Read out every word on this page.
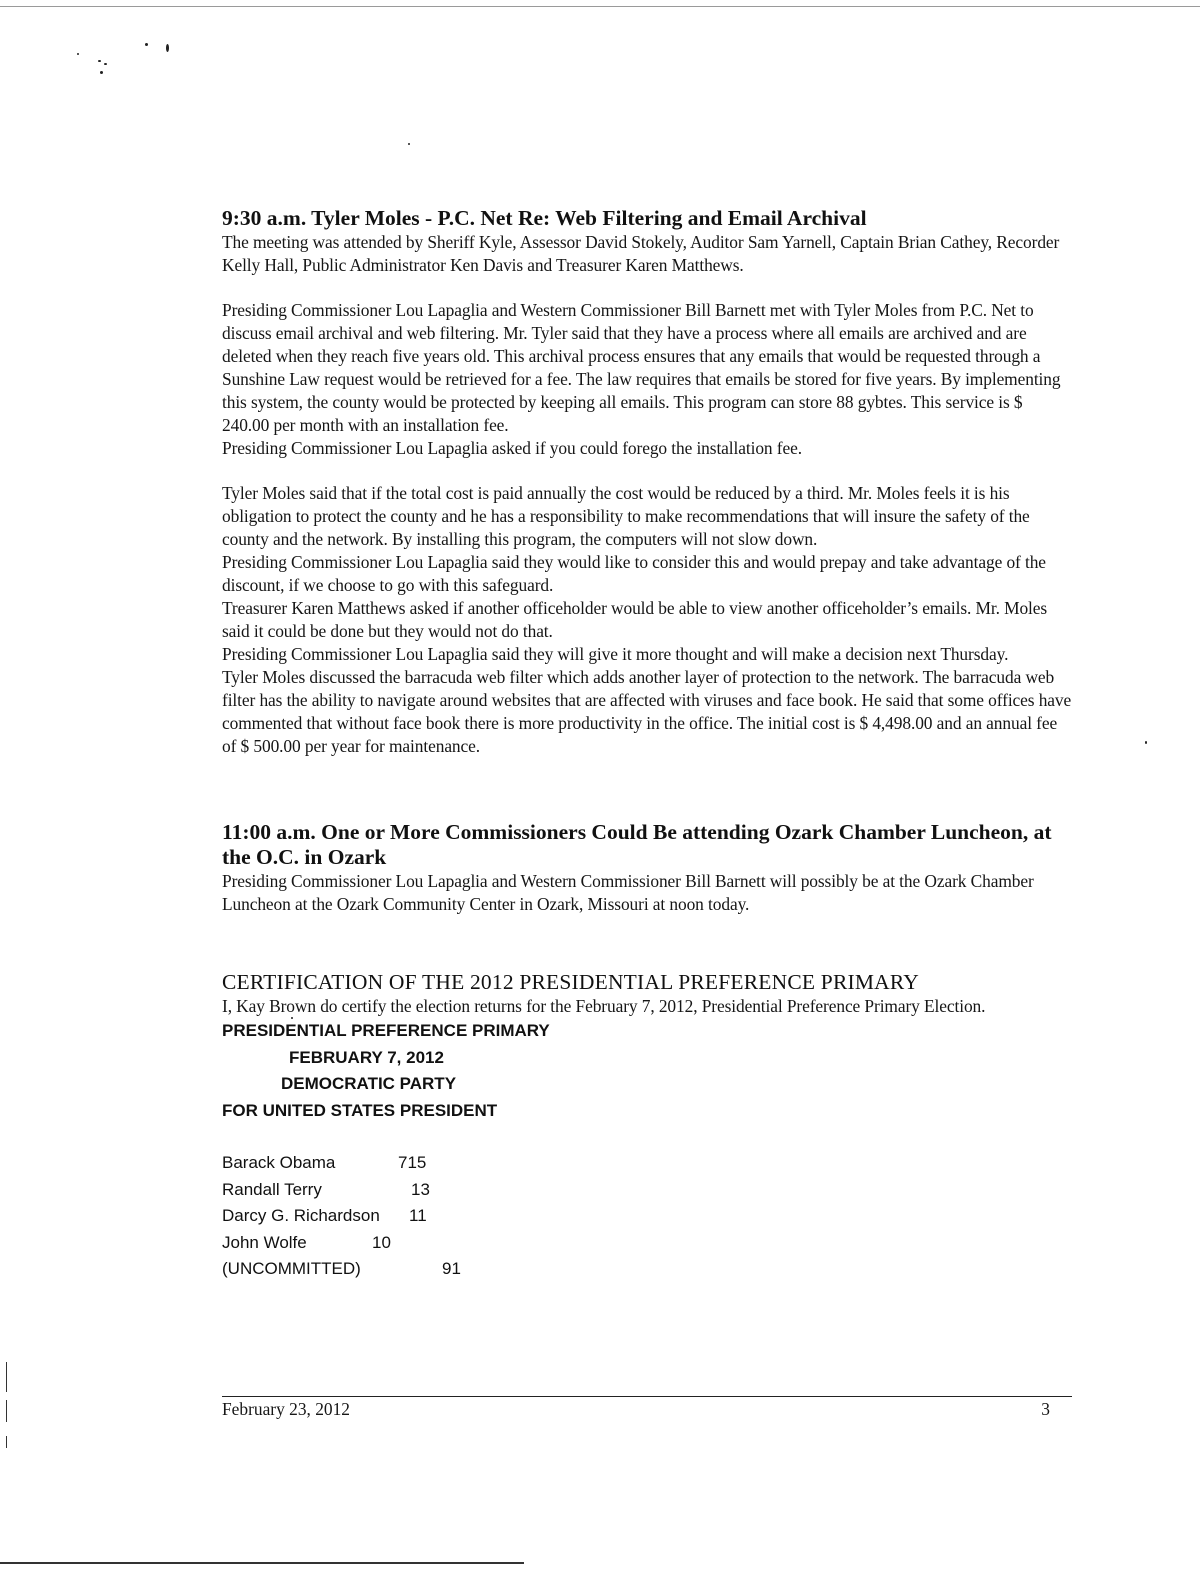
9:30 a.m. Tyler Moles - P.C. Net Re: Web Filtering and Email Archival

The meeting was attended by Sheriff Kyle, Assessor David Stokely, Auditor Sam Yarnell, Captain Brian Cathey, Recorder Kelly Hall, Public Administrator Ken Davis and Treasurer Karen Matthews.

Presiding Commissioner Lou Lapaglia and Western Commissioner Bill Barnett met with Tyler Moles from P.C. Net to discuss email archival and web filtering. Mr. Tyler said that they have a process where all emails are archived and are deleted when they reach five years old. This archival process ensures that any emails that would be requested through a Sunshine Law request would be retrieved for a fee. The law requires that emails be stored for five years. By implementing this system, the county would be protected by keeping all emails. This program can store 88 gybtes. This service is $ 240.00 per month with an installation fee.

Presiding Commissioner Lou Lapaglia asked if you could forego the installation fee.

Tyler Moles said that if the total cost is paid annually the cost would be reduced by a third. Mr. Moles feels it is his obligation to protect the county and he has a responsibility to make recommendations that will insure the safety of the county and the network. By installing this program, the computers will not slow down.

Presiding Commissioner Lou Lapaglia said they would like to consider this and would prepay and take advantage of the discount, if we choose to go with this safeguard.

Treasurer Karen Matthews asked if another officeholder would be able to view another officeholder’s emails. Mr. Moles said it could be done but they would not do that.

Presiding Commissioner Lou Lapaglia said they will give it more thought and will make a decision next Thursday.

Tyler Moles discussed the barracuda web filter which adds another layer of protection to the network. The barracuda web filter has the ability to navigate around websites that are affected with viruses and face book. He said that some offices have commented that without face book there is more productivity in the office. The initial cost is $ 4,498.00 and an annual fee of $ 500.00 per year for maintenance.

11:00 a.m. One or More Commissioners Could Be attending Ozark Chamber Luncheon, at the O.C. in Ozark

Presiding Commissioner Lou Lapaglia and Western Commissioner Bill Barnett will possibly be at the Ozark Chamber Luncheon at the Ozark Community Center in Ozark, Missouri at noon today.

CERTIFICATION OF THE 2012 PRESIDENTIAL PREFERENCE PRIMARY

I, Kay Brown do certify the election returns for the February 7, 2012, Presidential Preference Primary Election.

PRESIDENTIAL PREFERENCE PRIMARY

FEBRUARY 7, 2012

DEMOCRATIC PARTY

FOR UNITED STATES PRESIDENT

Barack Obama	715
Randall Terry	13
Darcy G. Richardson 11
John Wolfe	10
(UNCOMMITTED)	91
February 23, 2012	3
